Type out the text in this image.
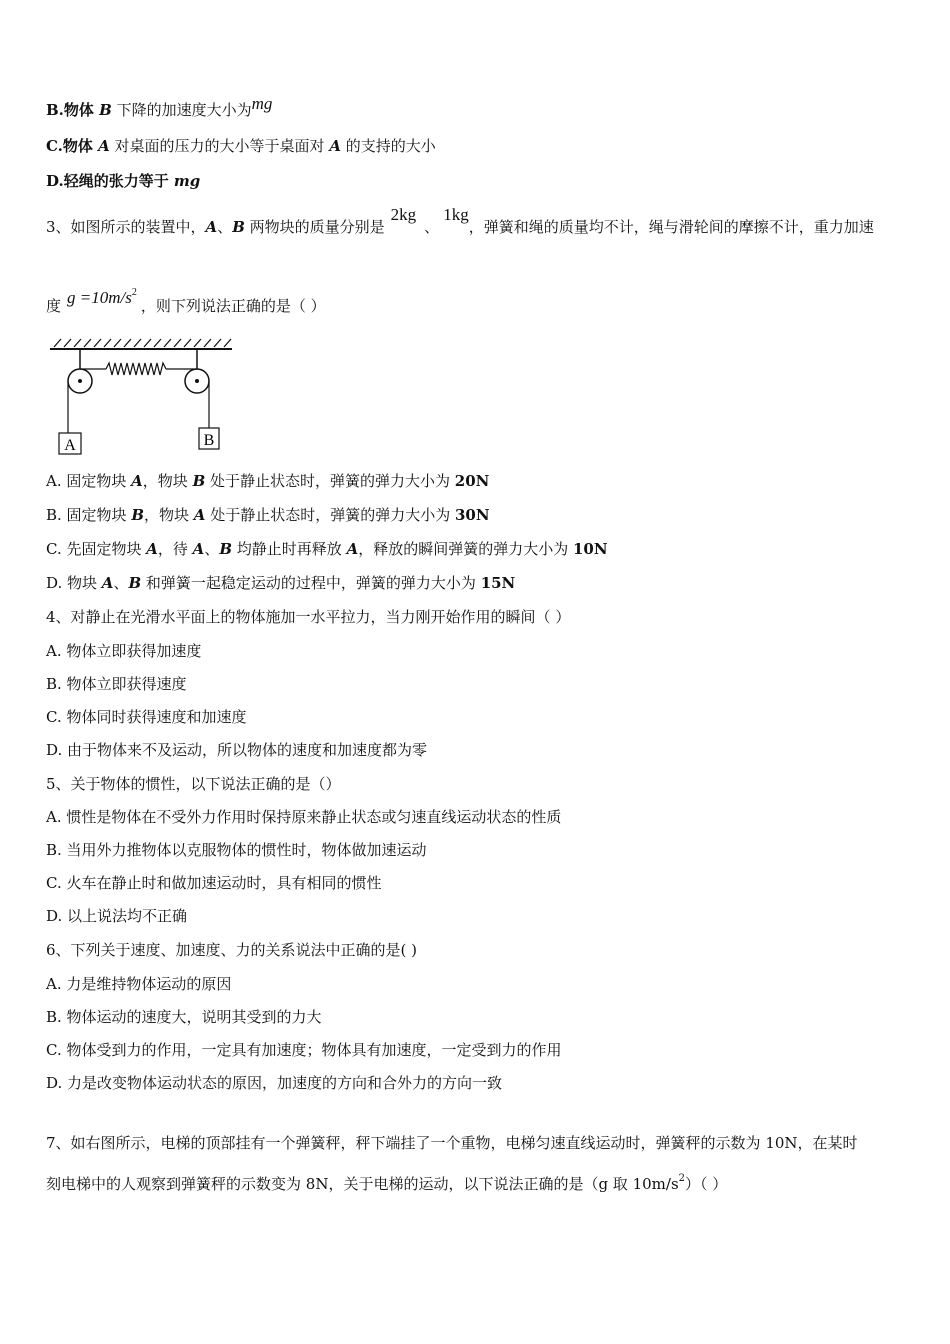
B.物体 B 下降的加速度大小为mg
C.物体 A 对桌面的压力的大小等于桌面对 A 的支持的大小
D.轻绳的张力等于 mg
3、如图所示的装置中，A、B 两物块的质量分别是2kg、1kg，弹簧和绳的质量均不计，绳与滑轮间的摩擦不计，重力加速
度 $g =10m/s^2$，则下列说法正确的是（ ）
A	B
A. 固定物块 A，物块 B 处于静止状态时，弹簧的弹力大小为 20N
B. 固定物块 B，物块 A 处于静止状态时，弹簧的弹力大小为 30N
C. 先固定物块 A，待 A、B 均静止时再释放 A，释放的瞬间弹簧的弹力大小为 10N
D. 物块 A、B 和弹簧一起稳定运动的过程中，弹簧的弹力大小为 15N
4、对静止在光滑水平面上的物体施加一水平拉力，当力刚开始作用的瞬间（ ）
A. 物体立即获得加速度
B. 物体立即获得速度
C. 物体同时获得速度和加速度
D. 由于物体来不及运动，所以物体的速度和加速度都为零
5、关于物体的惯性，以下说法正确的是（）
A. 惯性是物体在不受外力作用时保持原来静止状态或匀速直线运动状态的性质
B. 当用外力推物体以克服物体的惯性时，物体做加速运动
C. 火车在静止时和做加速运动时，具有相同的惯性
D. 以上说法均不正确
6、下列关于速度、加速度、力的关系说法中正确的是( )
A. 力是维持物体运动的原因
B. 物体运动的速度大，说明其受到的力大
C. 物体受到力的作用，一定具有加速度；物体具有加速度，一定受到力的作用
D. 力是改变物体运动状态的原因，加速度的方向和合外力的方向一致
7、如右图所示，电梯的顶部挂有一个弹簧秤，秤下端挂了一个重物，电梯匀速直线运动时，弹簧秤的示数为 10N，在某时
刻电梯中的人观察到弹簧秤的示数变为 8N，关于电梯的运动，以下说法正确的是（g 取 $10m/s^2$）（ ）
